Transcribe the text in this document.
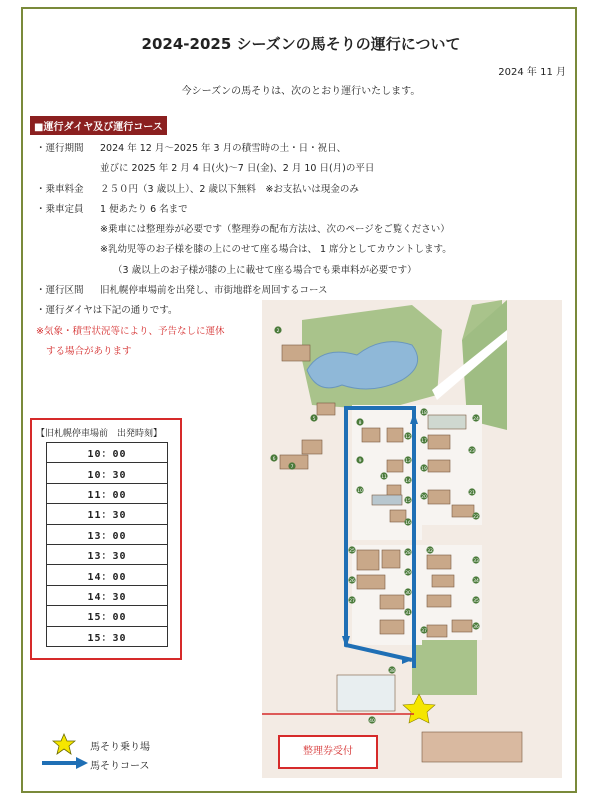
2024-2025 シーズンの馬そりの運行について
2024 年 11 月
今シーズンの馬そりは、次のとおり運行いたします。
■運行ダイヤ及び運行コース
・運行期間 2024 年 12 月～2025 年 3 月の積雪時の土・日・祝日、
並びに 2025 年 2 月 4 日(火)～7 日(金)、2 月 10 日(月)の平日
・乗車料金 ２５０円（3 歳以上）、2 歳以下無料　※お支払いは現金のみ
・乗車定員 1 便あたり 6 名まで
※乗車には整理券が必要です（整理券の配布方法は、次のページをご覧ください）
※乳幼児等のお子様を膝の上にのせて座る場合は、 1 席分としてカウントします。
（3 歳以上のお子様が膝の上に載せて座る場合でも乗車料が必要です）
・運行区間 旧札幌停車場前を出発し、市街地群を周回するコース
・運行ダイヤは下記の通りです。
※気象・積雪状況等により、予告なしに運休
する場合があります
2
5
6
7
8
9
10
11
12
13
14
15
16
17
18
19
20
21
22
23
24
25
26
27
28
29
30
31
32
33
34
35
36
37
38
40
【旧札幌停車場前　出発時刻】
10：00
10：30
11：00
11：30
13：00
13：30
14：00
14：30
15：00
15：30
整理券受付
馬そり乗り場
馬そりコース
